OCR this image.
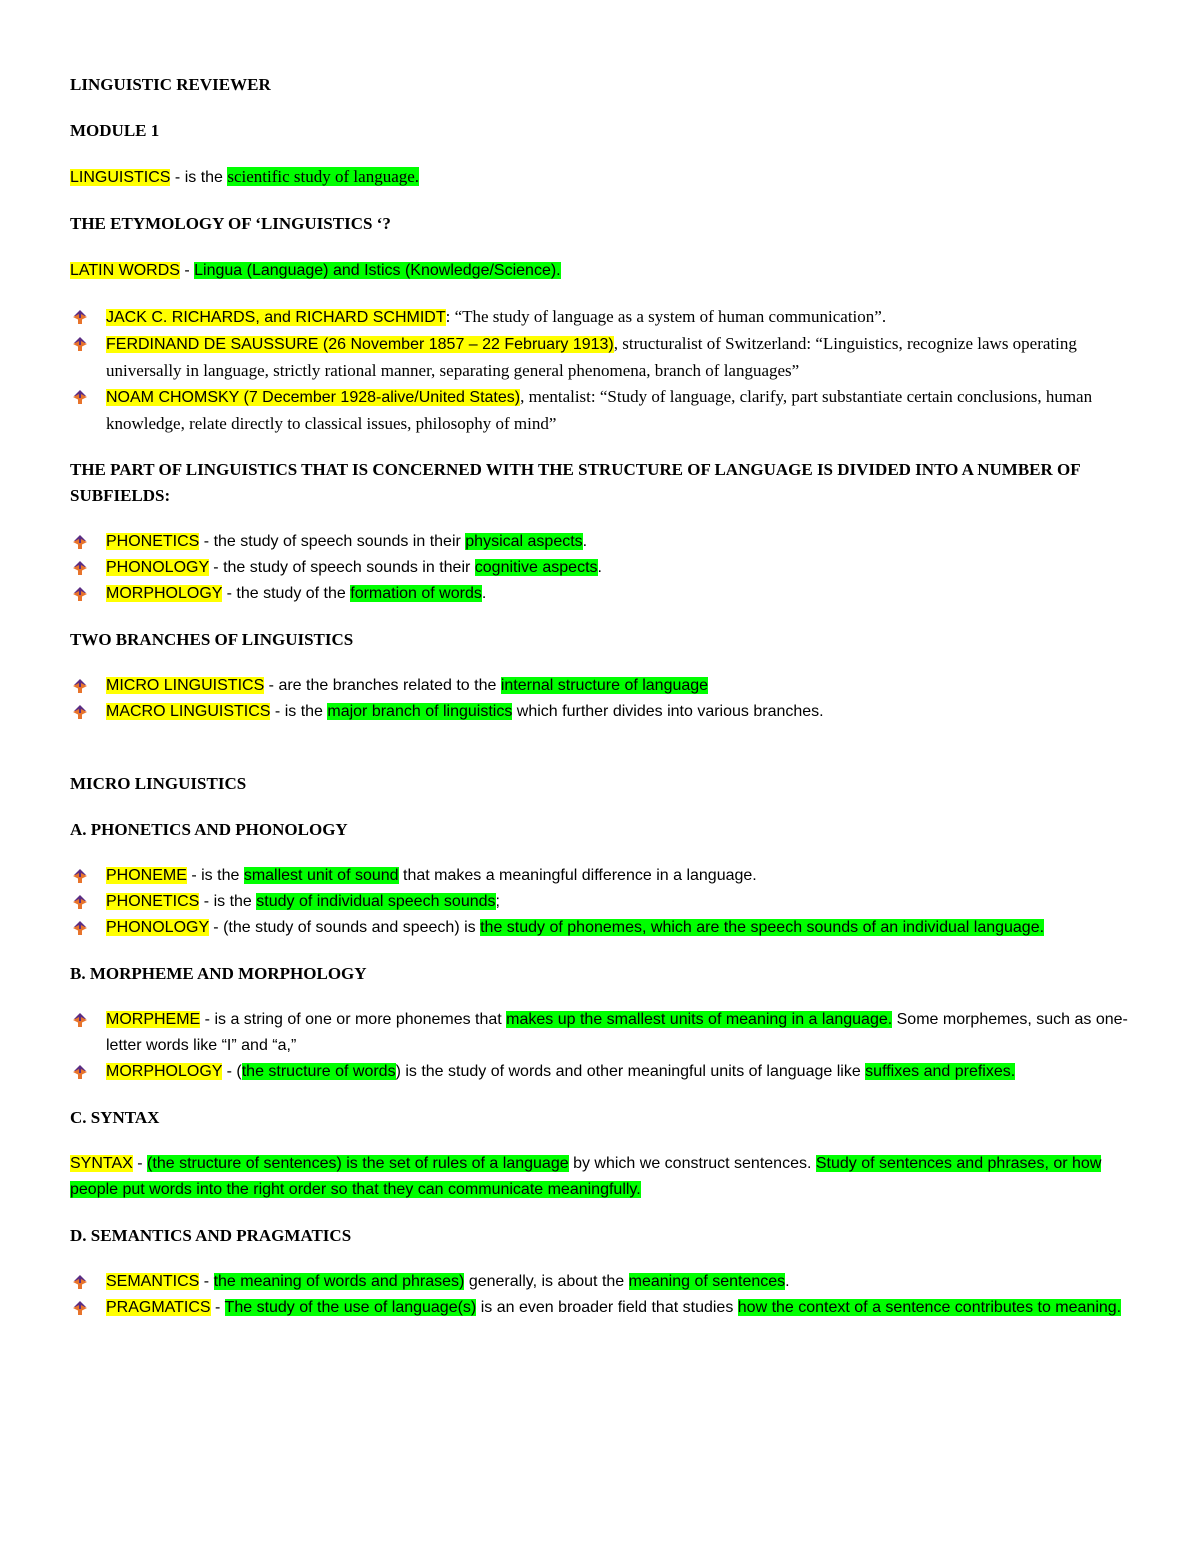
LINGUISTIC REVIEWER
MODULE 1
LINGUISTICS - is the scientific study of language.
THE ETYMOLOGY OF ‘LINGUISTICS ‘?
LATIN WORDS - Lingua (Language) and Istics (Knowledge/Science).
JACK C. RICHARDS, and RICHARD SCHMIDT: “The study of language as a system of human communication”.
FERDINAND DE SAUSSURE (26 November 1857 – 22 February 1913), structuralist of Switzerland: “Linguistics, recognize laws operating universally in language, strictly rational manner, separating general phenomena, branch of languages”
NOAM CHOMSKY (7 December 1928-alive/United States), mentalist: “Study of language, clarify, part substantiate certain conclusions, human knowledge, relate directly to classical issues, philosophy of mind”
THE PART OF LINGUISTICS THAT IS CONCERNED WITH THE STRUCTURE OF LANGUAGE IS DIVIDED INTO A NUMBER OF SUBFIELDS:
PHONETICS - the study of speech sounds in their physical aspects.
PHONOLOGY - the study of speech sounds in their cognitive aspects.
MORPHOLOGY - the study of the formation of words.
TWO BRANCHES OF LINGUISTICS
MICRO LINGUISTICS - are the branches related to the internal structure of language
MACRO LINGUISTICS - is the major branch of linguistics which further divides into various branches.
MICRO LINGUISTICS
A. PHONETICS AND PHONOLOGY
PHONEME - is the smallest unit of sound that makes a meaningful difference in a language.
PHONETICS - is the study of individual speech sounds;
PHONOLOGY - (the study of sounds and speech) is the study of phonemes, which are the speech sounds of an individual language.
B. MORPHEME AND MORPHOLOGY
MORPHEME - is a string of one or more phonemes that makes up the smallest units of meaning in a language. Some morphemes, such as one-letter words like “I” and “a,”
MORPHOLOGY - (the structure of words) is the study of words and other meaningful units of language like suffixes and prefixes.
C. SYNTAX
SYNTAX - (the structure of sentences) is the set of rules of a language by which we construct sentences. Study of sentences and phrases, or how people put words into the right order so that they can communicate meaningfully.
D. SEMANTICS AND PRAGMATICS
SEMANTICS - the meaning of words and phrases) generally, is about the meaning of sentences.
PRAGMATICS - The study of the use of language(s) is an even broader field that studies how the context of a sentence contributes to meaning.
